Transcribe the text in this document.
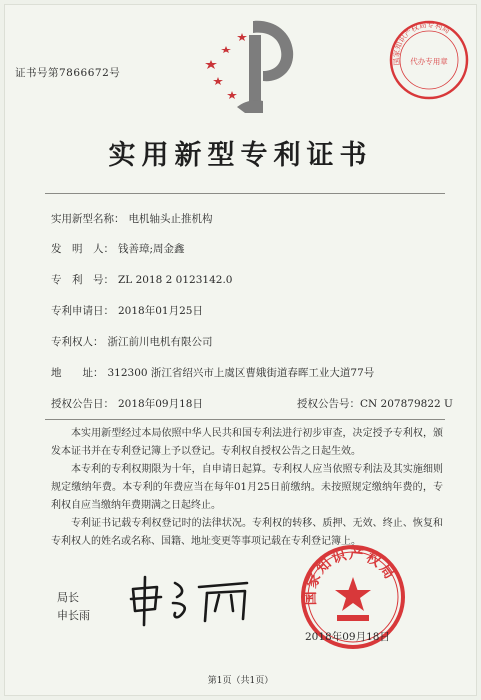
证书号第7866672号
国家知识产权局专利局
代办专用章
实用新型专利证书
实用新型名称： 电机轴头止推机构
发　明　人： 钱善璋;周金鑫
专　利　号： ZL 2018 2 0123142.0
专利申请日： 2018年01月25日
专利权人： 浙江前川电机有限公司
地　　址： 312300 浙江省绍兴市上虞区曹娥街道春晖工业大道77号
授权公告日： 2018年09月18日	授权公告号：CN 207879822 U

本实用新型经过本局依照中华人民共和国专利法进行初步审查，决定授予专利权，颁发本证书并在专利登记簿上予以登记。专利权自授权公告之日起生效。

本专利的专利权期限为十年，自申请日起算。专利权人应当依照专利法及其实施细则规定缴纳年费。本专利的年费应当在每年01月25日前缴纳。未按照规定缴纳年费的，专利权自应当缴纳年费期满之日起终止。

专利证书记载专利权登记时的法律状况。专利权的转移、质押、无效、终止、恢复和专利权人的姓名或名称、国籍、地址变更等事项记载在专利登记簿上。

局长
申长雨
国家知识产权局
2018年09月18日
第1页（共1页）
